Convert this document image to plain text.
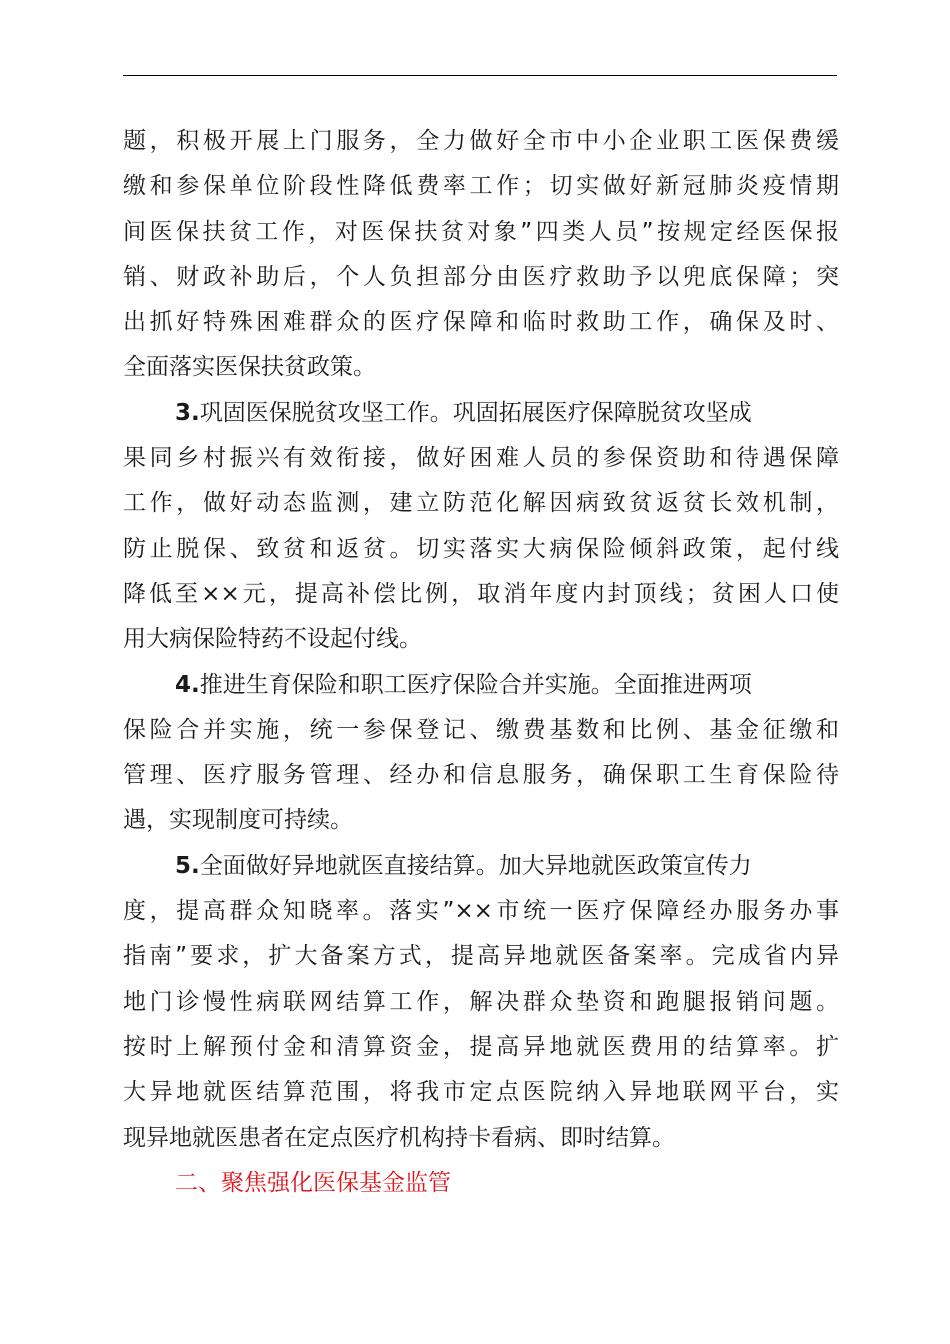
题，积极开展上门服务，全力做好全市中小企业职工医保费缓
缴和参保单位阶段性降低费率工作；切实做好新冠肺炎疫情期
间医保扶贫工作，对医保扶贫对象”四类人员”按规定经医保报
销、财政补助后，个人负担部分由医疗救助予以兜底保障；突
出抓好特殊困难群众的医疗保障和临时救助工作，确保及时、
全面落实医保扶贫政策。
3.巩固医保脱贫攻坚工作。巩固拓展医疗保障脱贫攻坚成
果同乡村振兴有效衔接，做好困难人员的参保资助和待遇保障
工作，做好动态监测，建立防范化解因病致贫返贫长效机制，
防止脱保、致贫和返贫。切实落实大病保险倾斜政策，起付线
降低至××元，提高补偿比例，取消年度内封顶线；贫困人口使
用大病保险特药不设起付线。
4.推进生育保险和职工医疗保险合并实施。全面推进两项
保险合并实施，统一参保登记、缴费基数和比例、基金征缴和
管理、医疗服务管理、经办和信息服务，确保职工生育保险待
遇，实现制度可持续。
5.全面做好异地就医直接结算。加大异地就医政策宣传力
度，提高群众知晓率。落实”××市统一医疗保障经办服务办事
指南”要求，扩大备案方式，提高异地就医备案率。完成省内异
地门诊慢性病联网结算工作，解决群众垫资和跑腿报销问题。
按时上解预付金和清算资金，提高异地就医费用的结算率。扩
大异地就医结算范围，将我市定点医院纳入异地联网平台，实
现异地就医患者在定点医疗机构持卡看病、即时结算。
二、聚焦强化医保基金监管
